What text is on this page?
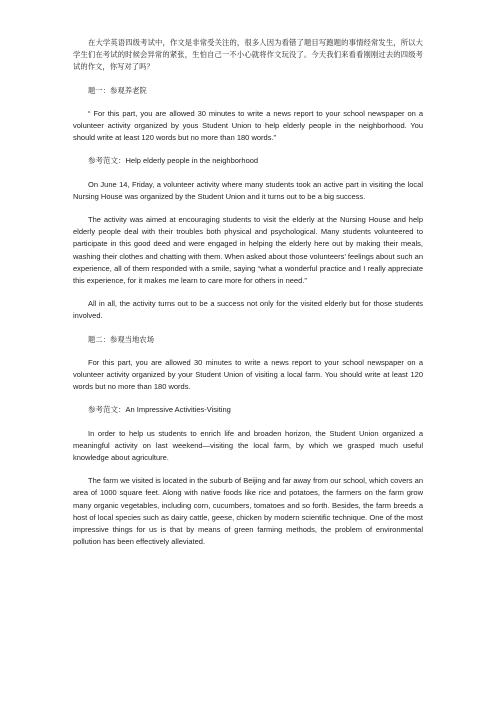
在大学英语四级考试中，作文是非常受关注的，很多人因为看错了题目写跑题的事情经常发生，所以大学生们在考试的时候会异常的紧张，生怕自己一不小心就将作文玩没了。今天我们来看看刚刚过去的四级考试的作文，你写对了吗？

题一：参观养老院

“ For this part, you are allowed 30 minutes to write a news report to your school newspaper on a volunteer activity organized by yous Student Union to help elderly people in the neighborhood. You should write at least 120 words but no more than 180 words.”

参考范文：Help elderly people in the neighborhood

On June 14, Friday, a volunteer activity where many students took an active part in visiting the local Nursing House was organized by the Student Union and it turns out to be a big success.

The activity was aimed at encouraging students to visit the elderly at the Nursing House and help elderly people deal with their troubles both physical and psychological. Many students volunteered to participate in this good deed and were engaged in helping the elderly here out by making their meals, washing their clothes and chatting with them. When asked about those volunteers’ feelings about such an experience, all of them responded with a smile, saying “what a wonderful practice and I really appreciate this experience, for it makes me learn to care more for others in need.”

All in all, the activity turns out to be a success not only for the visited elderly but for those students involved.

题二：参观当地农场

For this part, you are allowed 30 minutes to write a news report to your school newspaper on a volunteer activity organized by your Student Union of visiting a local farm. You should write at least 120 words but no more than 180 words.

参考范文：An Impressive Activities-Visiting

In order to help us students to enrich life and broaden horizon, the Student Union organized a meaningful activity on last weekend—visiting the local farm, by which we grasped much useful knowledge about agriculture.

The farm we visited is located in the suburb of Beijing and far away from our school, which covers an area of 1000 square feet. Along with native foods like rice and potatoes, the farmers on the farm grow many organic vegetables, including corn, cucumbers, tomatoes and so forth. Besides, the farm breeds a host of local species such as dairy cattle, geese, chicken by modern scientific technique. One of the most impressive things for us is that by means of green farming methods, the problem of environmental pollution has been effectively alleviated.
